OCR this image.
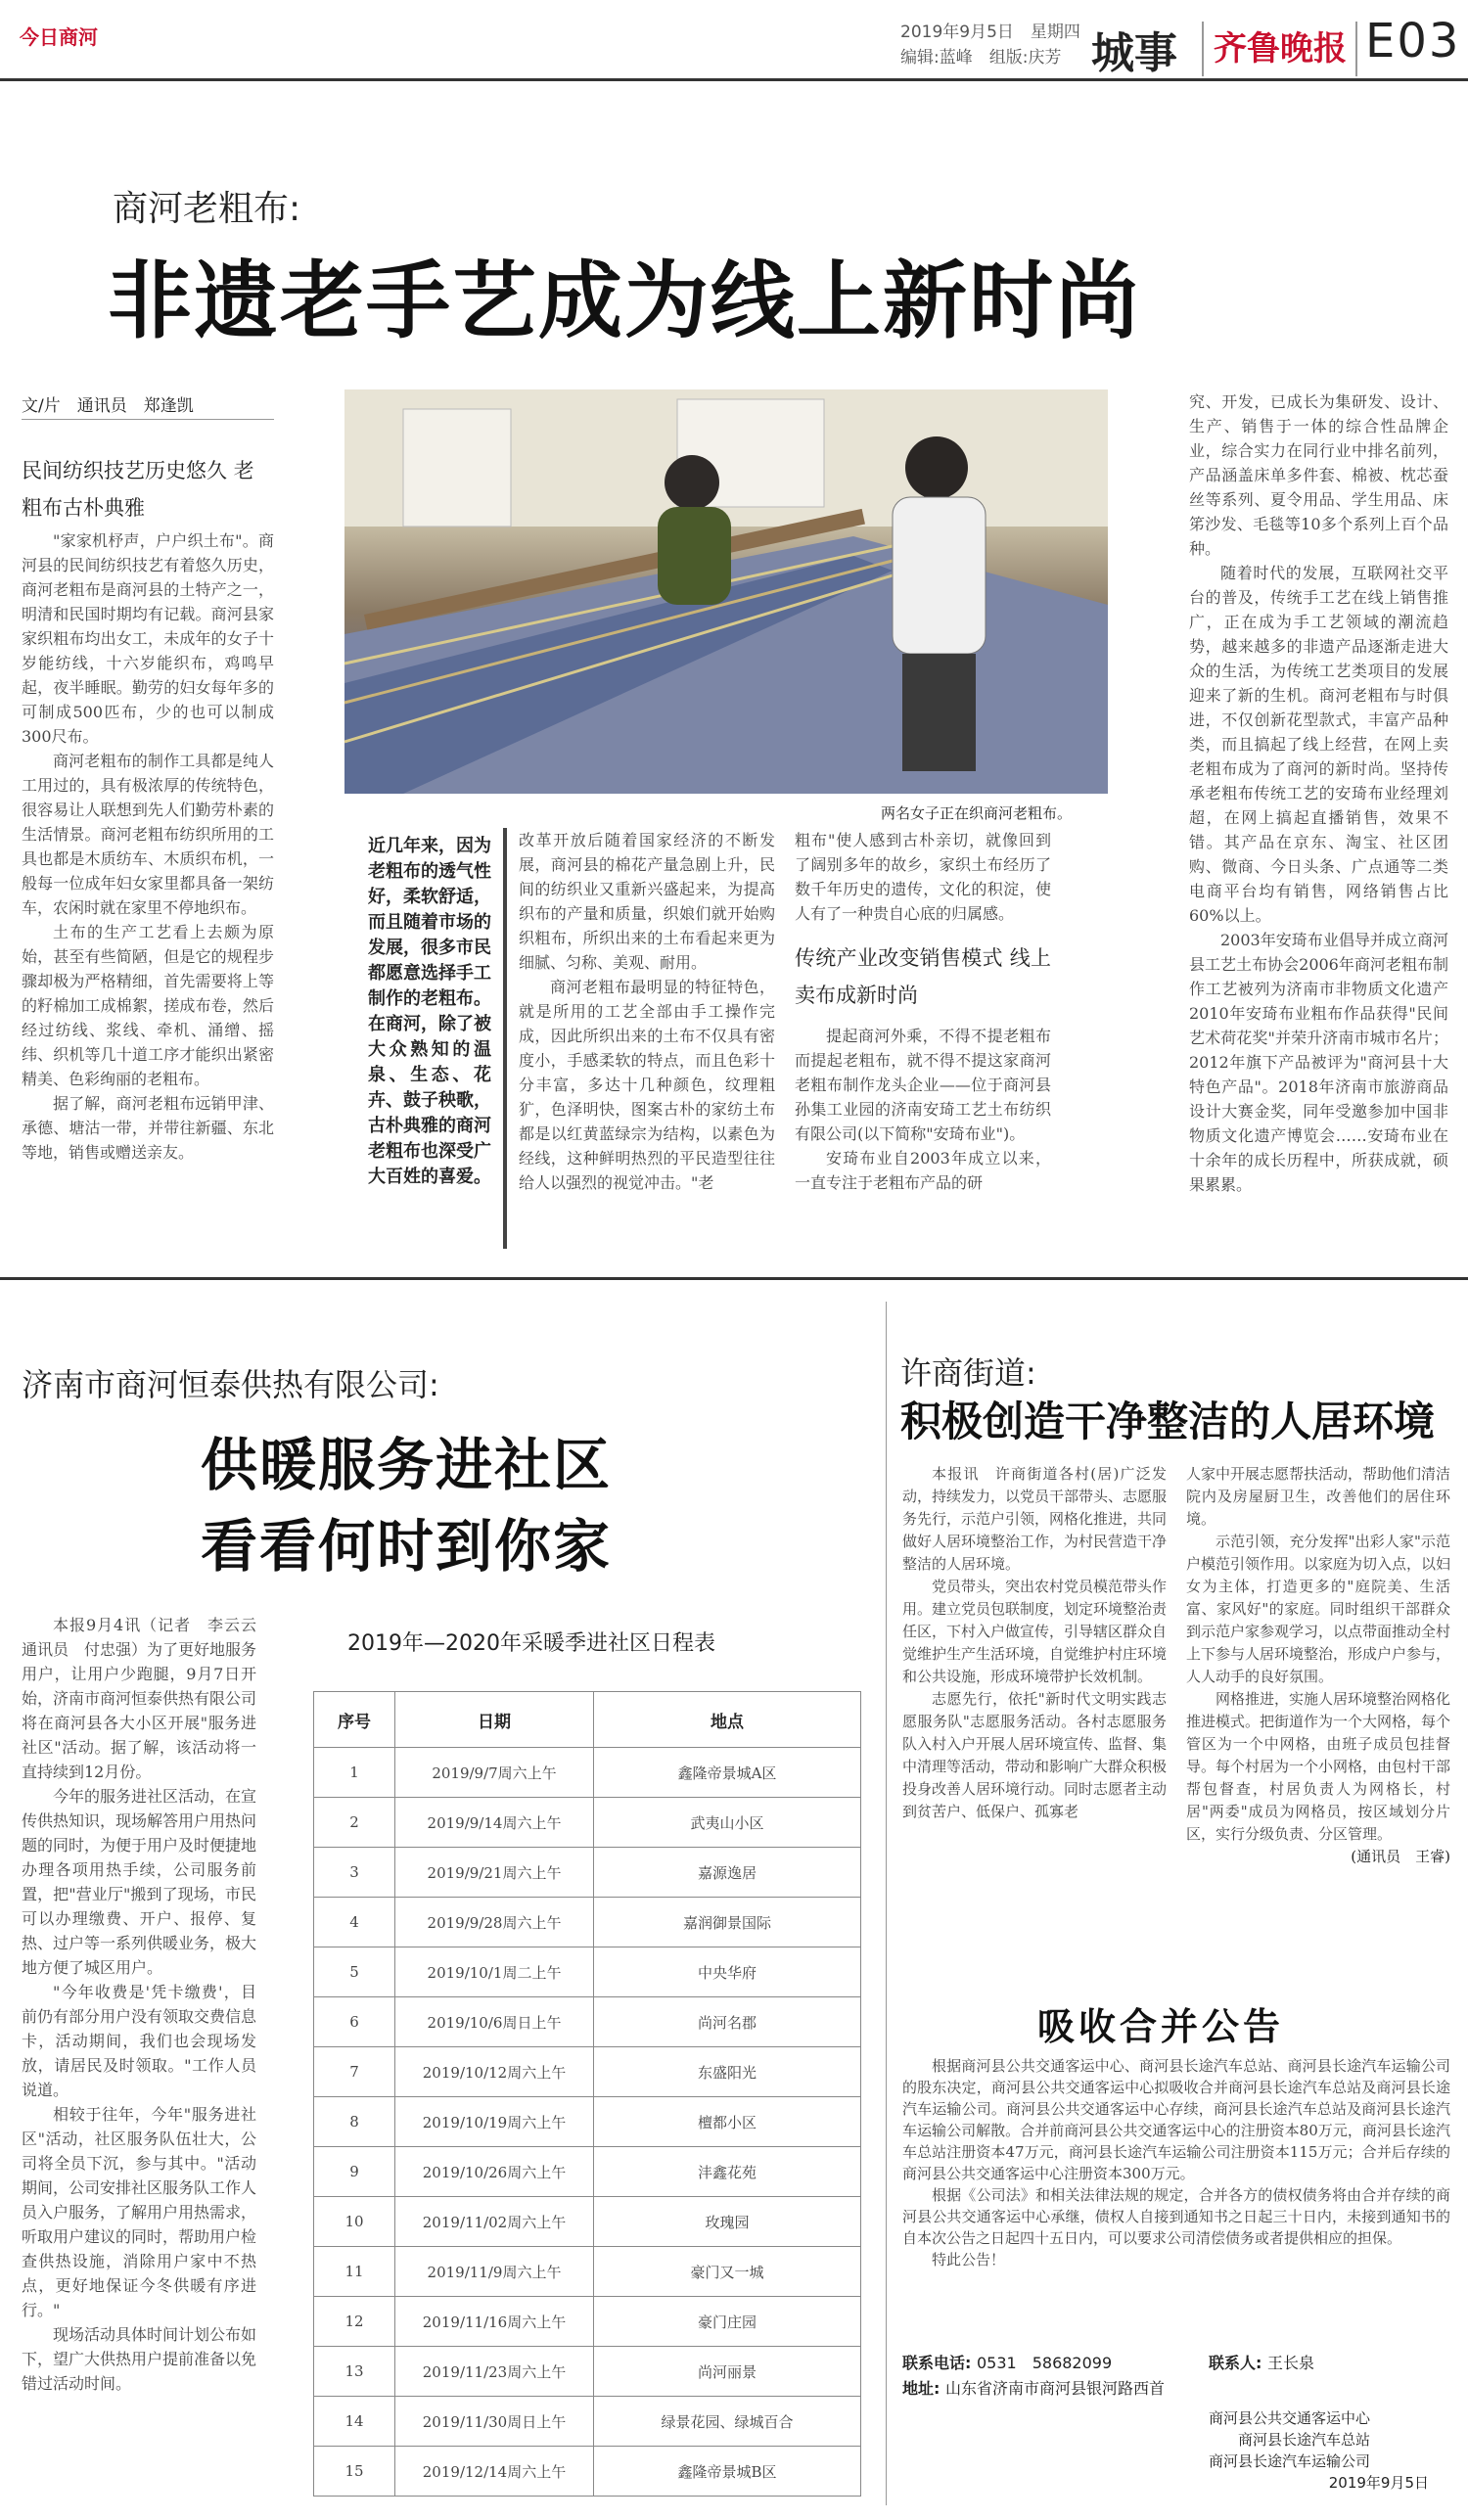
今日商河	2019年9月5日　星期四
编辑:蓝峰　组版:庆芳 城事 齐鲁晚报 E03
商河老粗布:
非遗老手艺成为线上新时尚
文/片　通讯员　郑逢凯
民间纺织技艺历史悠久 老粗布古朴典雅

"家家机杼声，户户织土布"。商河县的民间纺织技艺有着悠久历史，商河老粗布是商河县的土特产之一，明清和民国时期均有记载。商河县家家织粗布均出女工，未成年的女子十岁能纺线，十六岁能织布，鸡鸣早起，夜半睡眠。勤劳的妇女每年多的可制成500匹布，少的也可以制成300尺布。

商河老粗布的制作工具都是纯人工用过的，具有极浓厚的传统特色，很容易让人联想到先人们勤劳朴素的生活情景。商河老粗布纺织所用的工具也都是木质纺车、木质织布机，一般每一位成年妇女家里都具备一架纺车，农闲时就在家里不停地织布。

土布的生产工艺看上去颇为原始，甚至有些简陋，但是它的规程步骤却极为严格精细，首先需要将上等的籽棉加工成棉絮，搓成布卷，然后经过纺线、浆线、牵机、涌缯、摇纬、织机等几十道工序才能织出紧密精美、色彩绚丽的老粗布。

据了解，商河老粗布远销甲津、承德、塘沽一带，并带往新疆、东北等地，销售或赠送亲友。

两名女子正在织商河老粗布。
近几年来，因为老粗布的透气性好，柔软舒适，而且随着市场的发展，很多市民都愿意选择手工制作的老粗布。在商河，除了被大众熟知的温泉、生态、花卉、鼓子秧歌，古朴典雅的商河老粗布也深受广大百姓的喜爱。

改革开放后随着国家经济的不断发展，商河县的棉花产量急剧上升，民间的纺织业又重新兴盛起来，为提高织布的产量和质量，织娘们就开始购织粗布，所织出来的土布看起来更为细腻、匀称、美观、耐用。

商河老粗布最明显的特征特色，就是所用的工艺全部由手工操作完成，因此所织出来的土布不仅具有密度小，手感柔软的特点，而且色彩十分丰富，多达十几种颜色，纹理粗犷，色泽明快，图案古朴的家纺土布都是以红黄蓝绿宗为结构，以素色为经线，这种鲜明热烈的平民造型往往给人以强烈的视觉冲击。"老

粗布"使人感到古朴亲切，就像回到了阔别多年的故乡，家织土布经历了数千年历史的遗传，文化的积淀，使人有了一种贵自心底的归属感。

传统产业改变销售模式 线上卖布成新时尚

提起商河外乘，不得不提老粗布而提起老粗布，就不得不提这家商河老粗布制作龙头企业——位于商河县孙集工业园的济南安琦工艺土布纺织有限公司(以下简称"安琦布业")。

安琦布业自2003年成立以来，一直专注于老粗布产品的研

究、开发，已成长为集研发、设计、生产、销售于一体的综合性品牌企业，综合实力在同行业中排名前列，产品涵盖床单多件套、棉被、枕芯蚕丝等系列、夏令用品、学生用品、床笫沙发、毛毯等10多个系列上百个品种。

随着时代的发展，互联网社交平台的普及，传统手工艺在线上销售推广，正在成为手工艺领域的潮流趋势，越来越多的非遗产品逐渐走进大众的生活，为传统工艺类项目的发展迎来了新的生机。商河老粗布与时俱进，不仅创新花型款式，丰富产品种类，而且搞起了线上经营，在网上卖老粗布成为了商河的新时尚。坚持传承老粗布传统工艺的安琦布业经理刘超，在网上搞起直播销售，效果不错。其产品在京东、淘宝、社区团购、微商、今日头条、广点通等二类电商平台均有销售，网络销售占比60%以上。

2003年安琦布业倡导并成立商河县工艺土布协会2006年商河老粗布制作工艺被列为济南市非物质文化遗产2010年安琦布业粗布作品获得"民间艺术荷花奖"并荣升济南市城市名片；2012年旗下产品被评为"商河县十大特色产品"。2018年济南市旅游商品设计大赛金奖，同年受邀参加中国非物质文化遗产博览会……安琦布业在十余年的成长历程中，所获成就，硕果累累。

济南市商河恒泰供热有限公司:
供暖服务进社区
看看何时到你家

本报9月4讯（记者　李云云　通讯员　付忠强）为了更好地服务用户，让用户少跑腿，9月7日开始，济南市商河恒泰供热有限公司将在商河县各大小区开展"服务进社区"活动。据了解，该活动将一直持续到12月份。

今年的服务进社区活动，在宣传供热知识，现场解答用户用热问题的同时，为便于用户及时便捷地办理各项用热手续，公司服务前置，把"营业厅"搬到了现场，市民可以办理缴费、开户、报停、复热、过户等一系列供暖业务，极大地方便了城区用户。

"今年收费是'凭卡缴费'，目前仍有部分用户没有领取交费信息卡，活动期间，我们也会现场发放，请居民及时领取。"工作人员说道。

相较于往年，今年"服务进社区"活动，社区服务队伍壮大，公司将全员下沉，参与其中。"活动期间，公司安排社区服务队工作人员入户服务，了解用户用热需求，听取用户建议的同时，帮助用户检查供热设施，消除用户家中不热点，更好地保证今冬供暖有序进行。"

现场活动具体时间计划公布如下，望广大供热用户提前准备以免错过活动时间。

2019年—2020年采暖季进社区日程表
序号	日期	地点
1	2019/9/7周六上午	鑫隆帝景城A区
2	2019/9/14周六上午	武夷山小区
3	2019/9/21周六上午	嘉源逸居
4	2019/9/28周六上午	嘉润御景国际
5	2019/10/1周二上午	中央华府
6	2019/10/6周日上午	尚河名郡
7	2019/10/12周六上午	东盛阳光
8	2019/10/19周六上午	檀都小区
9	2019/10/26周六上午	沣鑫花苑
10	2019/11/02周六上午	玫瑰园
11	2019/11/9周六上午	豪门又一城
12	2019/11/16周六上午	豪门庄园
13	2019/11/23周六上午	尚河丽景
14	2019/11/30周日上午	绿景花园、绿城百合
15	2019/12/14周六上午	鑫隆帝景城B区
许商街道:
积极创造干净整洁的人居环境

本报讯　许商街道各村(居)广泛发动，持续发力，以党员干部带头、志愿服务先行，示范户引领，网格化推进，共同做好人居环境整治工作，为村民营造干净整洁的人居环境。

党员带头，突出农村党员模范带头作用。建立党员包联制度，划定环境整治责任区，下村入户做宣传，引导辖区群众自觉维护生产生活环境，自觉维护村庄环境和公共设施，形成环境带护长效机制。

志愿先行，依托"新时代文明实践志愿服务队"志愿服务活动。各村志愿服务队入村入户开展人居环境宣传、监督、集中清理等活动，带动和影响广大群众积极投身改善人居环境行动。同时志愿者主动到贫苦户、低保户、孤寡老

人家中开展志愿帮扶活动，帮助他们清洁院内及房屋厨卫生，改善他们的居住环境。

示范引领，充分发挥"出彩人家"示范户模范引领作用。以家庭为切入点，以妇女为主体，打造更多的"庭院美、生活富、家风好"的家庭。同时组织干部群众到示范户家参观学习，以点带面推动全村上下参与人居环境整治，形成户户参与，人人动手的良好氛围。

网格推进，实施人居环境整治网格化推进模式。把街道作为一个大网格，每个管区为一个中网格，由班子成员包挂督导。每个村居为一个小网格，由包村干部帮包督查，村居负责人为网格长，村居"两委"成员为网格员，按区域划分片区，实行分级负责、分区管理。

(通讯员　王睿)
吸收合并公告

根据商河县公共交通客运中心、商河县长途汽车总站、商河县长途汽车运输公司的股东决定，商河县公共交通客运中心拟吸收合并商河县长途汽车总站及商河县长途汽车运输公司。商河县公共交通客运中心存续，商河县长途汽车总站及商河县长途汽车运输公司解散。合并前商河县公共交通客运中心的注册资本80万元，商河县长途汽车总站注册资本47万元，商河县长途汽车运输公司注册资本115万元；合并后存续的商河县公共交通客运中心注册资本300万元。

根据《公司法》和相关法律法规的规定，合并各方的债权债务将由合并存续的商河县公共交通客运中心承继，债权人自接到通知书之日起三十日内，未接到通知书的自本次公告之日起四十五日内，可以要求公司清偿债务或者提供相应的担保。

特此公告！

联系电话: 0531　58682099	联系人: 王长泉
地址: 山东省济南市商河县银河路西首
商河县公共交通客运中心
商河县长途汽车总站
商河县长途汽车运输公司
2019年9月5日
